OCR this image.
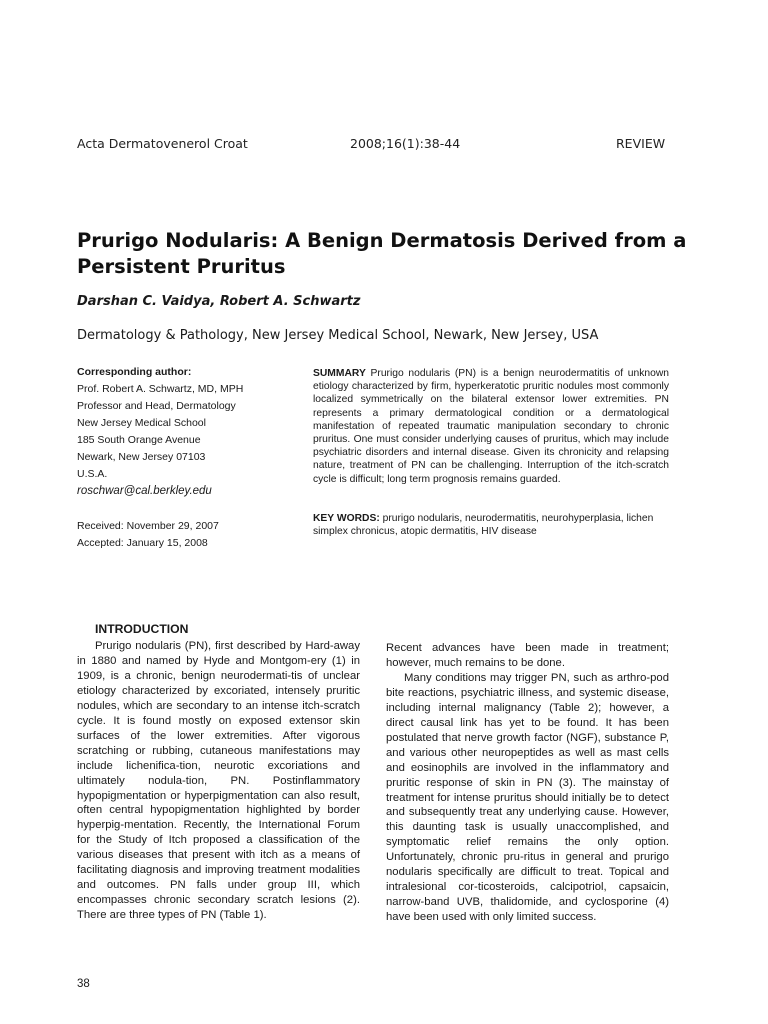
Acta Dermatovenerol Croat	2008;16(1):38-44	REVIEW
Prurigo Nodularis: A Benign Dermatosis Derived from a Persistent Pruritus
Darshan C. Vaidya, Robert A. Schwartz
Dermatology & Pathology, New Jersey Medical School, Newark, New Jersey, USA
Corresponding author:
Prof. Robert A. Schwartz, MD, MPH
Professor and Head, Dermatology
New Jersey Medical School
185 South Orange Avenue
Newark, New Jersey 07103
U.S.A.
roschwar@cal.berkley.edu
Received: November 29, 2007
Accepted: January 15, 2008

SUMMARY Prurigo nodularis (PN) is a benign neurodermatitis of unknown etiology characterized by firm, hyperkeratotic pruritic nodules most commonly localized symmetrically on the bilateral extensor lower extremities. PN represents a primary dermatological condition or a dermatological manifestation of repeated traumatic manipulation secondary to chronic pruritus. One must consider underlying causes of pruritus, which may include psychiatric disorders and internal disease. Given its chronicity and relapsing nature, treatment of PN can be challenging. Interruption of the itch-scratch cycle is difficult; long term prognosis remains guarded.

KEY WORDS: prurigo nodularis, neurodermatitis, neurohyperplasia, lichen simplex chronicus, atopic dermatitis, HIV disease

INTRODUCTION

Prurigo nodularis (PN), first described by Hard-away in 1880 and named by Hyde and Montgom-ery (1) in 1909, is a chronic, benign neurodermati-tis of unclear etiology characterized by excoriated, intensely pruritic nodules, which are secondary to an intense itch-scratch cycle. It is found mostly on exposed extensor skin surfaces of the lower extremities. After vigorous scratching or rubbing, cutaneous manifestations may include lichenifica-tion, neurotic excoriations and ultimately nodula-tion, PN. Postinflammatory hypopigmentation or hyperpigmentation can also result, often central hypopigmentation highlighted by border hyperpig-mentation. Recently, the International Forum for the Study of Itch proposed a classification of the various diseases that present with itch as a means of facilitating diagnosis and improving treatment modalities and outcomes. PN falls under group III, which encompasses chronic secondary scratch lesions (2). There are three types of PN (Table 1).

Recent advances have been made in treatment; however, much remains to be done.

Many conditions may trigger PN, such as arthro-pod bite reactions, psychiatric illness, and systemic disease, including internal malignancy (Table 2); however, a direct causal link has yet to be found. It has been postulated that nerve growth factor (NGF), substance P, and various other neuropeptides as well as mast cells and eosinophils are involved in the inflammatory and pruritic response of skin in PN (3). The mainstay of treatment for intense pruritus should initially be to detect and subsequently treat any underlying cause. However, this daunting task is usually unaccomplished, and symptomatic relief remains the only option. Unfortunately, chronic pru-ritus in general and prurigo nodularis specifically are difficult to treat. Topical and intralesional cor-ticosteroids, calcipotriol, capsaicin, narrow-band UVB, thalidomide, and cyclosporine (4) have been used with only limited success.

38
